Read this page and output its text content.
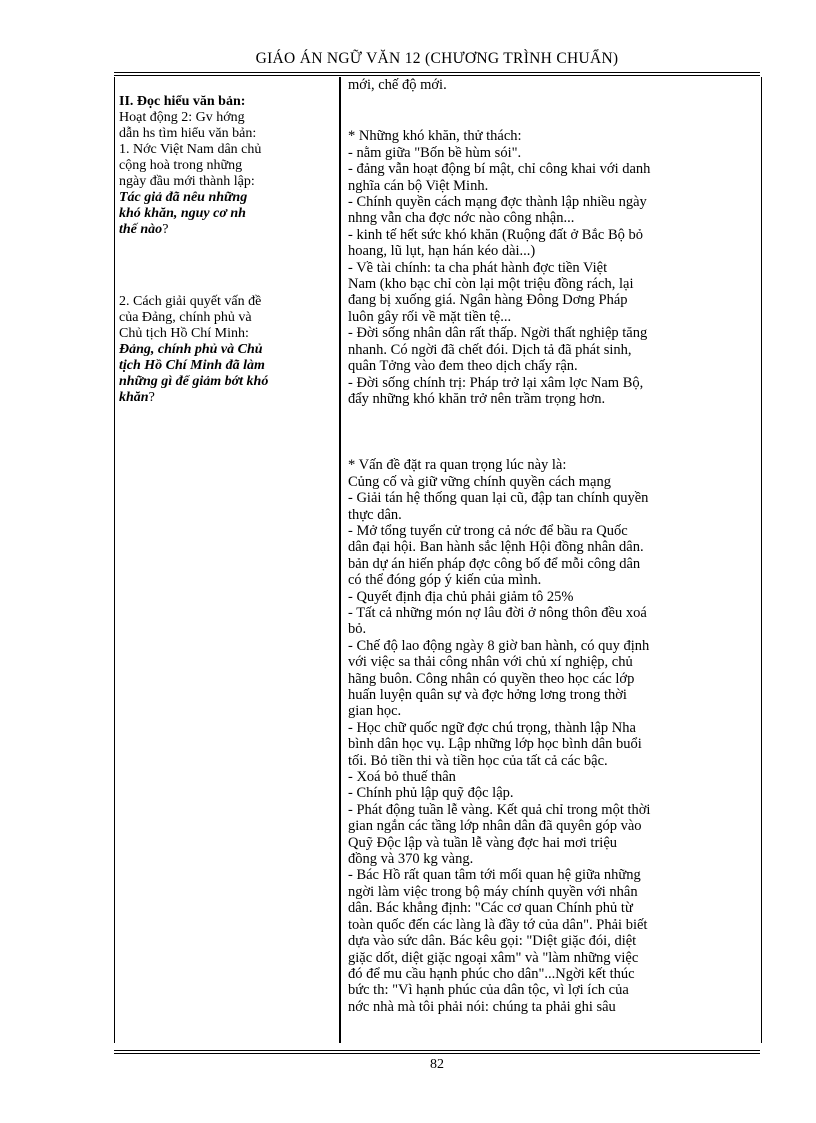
GIÁO ÁN NGỮ VĂN 12 (CHƯƠNG TRÌNH CHUẨN)
II. Đọc hiểu văn bản:
Hoạt động 2: Gv hớng
dẫn hs tìm hiểu văn bản:
1. Nớc Việt Nam dân chủ
cộng hoà trong những
ngày đầu mới thành lập:
Tác giả đã nêu những
khó khăn, nguy cơ nh
thế nào?
2. Cách giải quyết vấn đề
của Đảng, chính phủ và
Chủ tịch Hồ Chí Minh:
Đảng, chính phủ và Chủ
tịch Hồ Chí Minh đã làm
những gì để giảm bớt khó
khăn?
mới, chế độ mới.
* Những khó khăn, thử thách:
- nằm giữa "Bốn bề hùm sói".
- đảng vẫn hoạt động bí mật, chỉ công khai với danh
nghĩa cán bộ Việt Minh.
- Chính quyền cách mạng đợc thành lập nhiều ngày
nhng vẫn cha đợc nớc nào công nhận...
- kinh tế hết sức khó khăn (Ruộng đất ở Bắc Bộ bỏ
hoang, lũ lụt, hạn hán kéo dài...)
- Về tài chính: ta cha phát hành đợc tiền Việt
Nam (kho bạc chỉ còn lại một triệu đồng rách, lại
đang bị xuống giá. Ngân hàng Đông Dơng Pháp
luôn gây rối về mặt tiền tệ...
- Đời sống nhân dân rất thấp. Ngời thất nghiệp tăng
nhanh. Có ngời đã chết đói. Dịch tả đã phát sinh,
quân Tởng vào đem theo dịch chấy rận.
- Đời sống chính trị: Pháp trở lại xâm lợc Nam Bộ,
đẩy những khó khăn trở nên trầm trọng hơn.
* Vấn đề đặt ra quan trọng lúc này là:
Củng cố và giữ vững chính quyền cách mạng
- Giải tán hệ thống quan lại cũ, đập tan chính quyền
thực dân.
- Mở tổng tuyển cử trong cả nớc để bầu ra Quốc
dân đại hội. Ban hành sắc lệnh Hội đồng nhân dân.
bản dự án hiến pháp đợc công bố để mỗi công dân
có thể đóng góp ý kiến của mình.
- Quyết định địa chủ phải giảm tô 25%
- Tất cả những món nợ lâu đời ở nông thôn đều xoá
bỏ.
- Chế độ lao động ngày 8 giờ ban hành, có quy định
với việc sa thải công nhân với chủ xí nghiệp, chủ
hãng buôn. Công nhân có quyền theo học các lớp
huấn luyện quân sự và đợc hởng lơng trong thời
gian học.
- Học chữ quốc ngữ đợc chú trọng, thành lập Nha
bình dân học vụ. Lập những lớp học bình dân buổi
tối. Bỏ tiền thi và tiền học của tất cả các bậc.
- Xoá bỏ thuế thân
- Chính phủ lập quỹ độc lập.
- Phát động tuần lễ vàng. Kết quả chỉ trong một thời
gian ngắn các tầng lớp nhân dân đã quyên góp vào
Quỹ Độc lập và tuần lễ vàng đợc hai mơi triệu
đồng và 370 kg vàng.
- Bác Hồ rất quan tâm tới mối quan hệ giữa những
ngời làm việc trong bộ máy chính quyền với nhân
dân. Bác khẳng định: "Các cơ quan Chính phủ từ
toàn quốc đến các làng là đầy tớ của dân". Phải biết
dựa vào sức dân. Bác kêu gọi: "Diệt giặc đói, diệt
giặc dốt, diệt giặc ngoại xâm" và "làm những việc
đó để mu cầu hạnh phúc cho dân"...Ngời kết thúc
bức th: "Vì hạnh phúc của dân tộc, vì lợi ích của
nớc nhà mà tôi phải nói: chúng ta phải ghi sâu
82
